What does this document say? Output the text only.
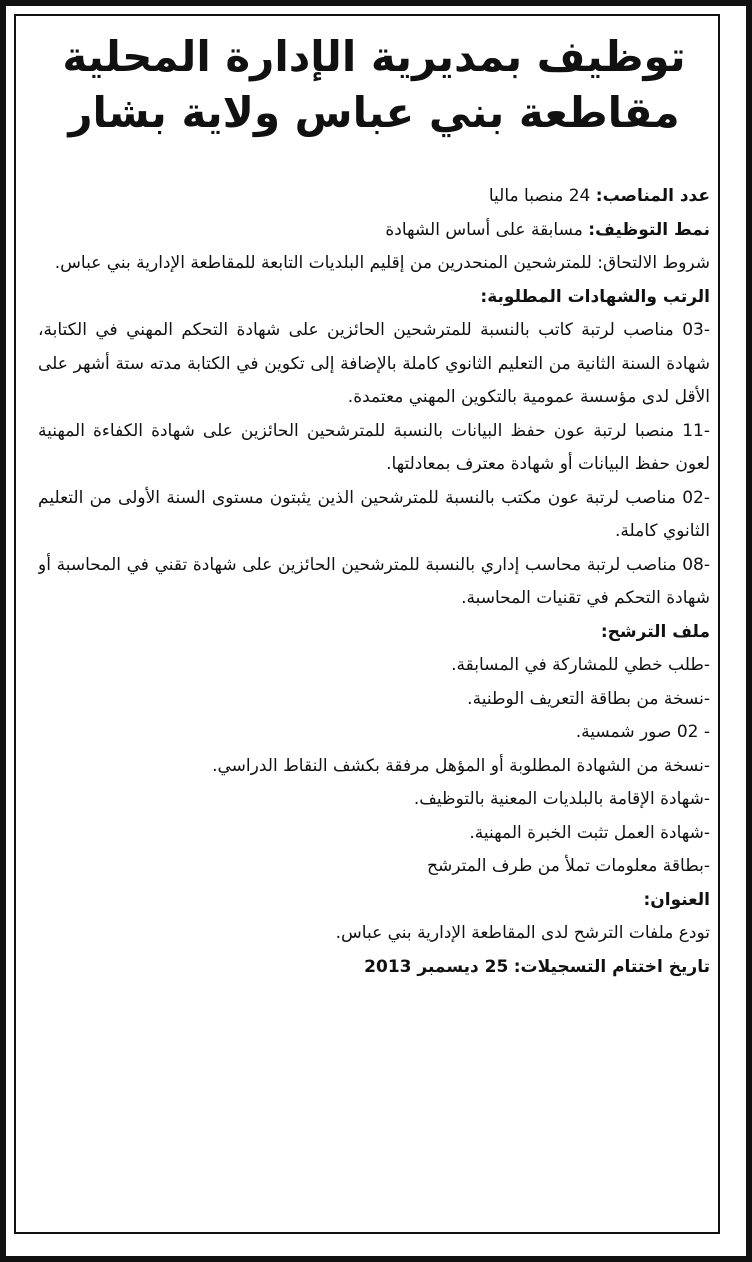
توظيف بمديرية الإدارة المحلية
مقاطعة بني عباس ولاية بشار
عدد المناصب: 24 منصبا ماليا
نمط التوظيف: مسابقة على أساس الشهادة
شروط الالتحاق: للمترشحين المنحدرين من إقليم البلديات التابعة للمقاطعة الإدارية بني عباس.
الرتب والشهادات المطلوبة:
-03 مناصب لرتبة كاتب بالنسبة للمترشحين الحائزين على شهادة التحكم المهني في الكتابة، شهادة السنة الثانية من التعليم الثانوي كاملة بالإضافة إلى تكوين في الكتابة مدته ستة أشهر على الأقل لدى مؤسسة عمومية بالتكوين المهني معتمدة.
-11 منصبا لرتبة عون حفظ البيانات بالنسبة للمترشحين الحائزين على شهادة الكفاءة المهنية لعون حفظ البيانات أو شهادة معترف بمعادلتها.
-02 مناصب لرتبة عون مكتب بالنسبة للمترشحين الذين يثبتون مستوى السنة الأولى من التعليم الثانوي كاملة.
-08 مناصب لرتبة محاسب إداري بالنسبة للمترشحين الحائزين على شهادة تقني في المحاسبة أو شهادة التحكم في تقنيات المحاسبة.
ملف الترشح:
-طلب خطي للمشاركة في المسابقة.
-نسخة من بطاقة التعريف الوطنية.
- 02 صور شمسية.
-نسخة من الشهادة المطلوبة أو المؤهل مرفقة بكشف النقاط الدراسي.
-شهادة الإقامة بالبلديات المعنية بالتوظيف.
-شهادة العمل تثبت الخبرة المهنية.
-بطاقة معلومات تملأ من طرف المترشح
العنوان:
تودع ملفات الترشح لدى المقاطعة الإدارية بني عباس.
تاريخ اختتام التسجيلات: 25 ديسمبر 2013
